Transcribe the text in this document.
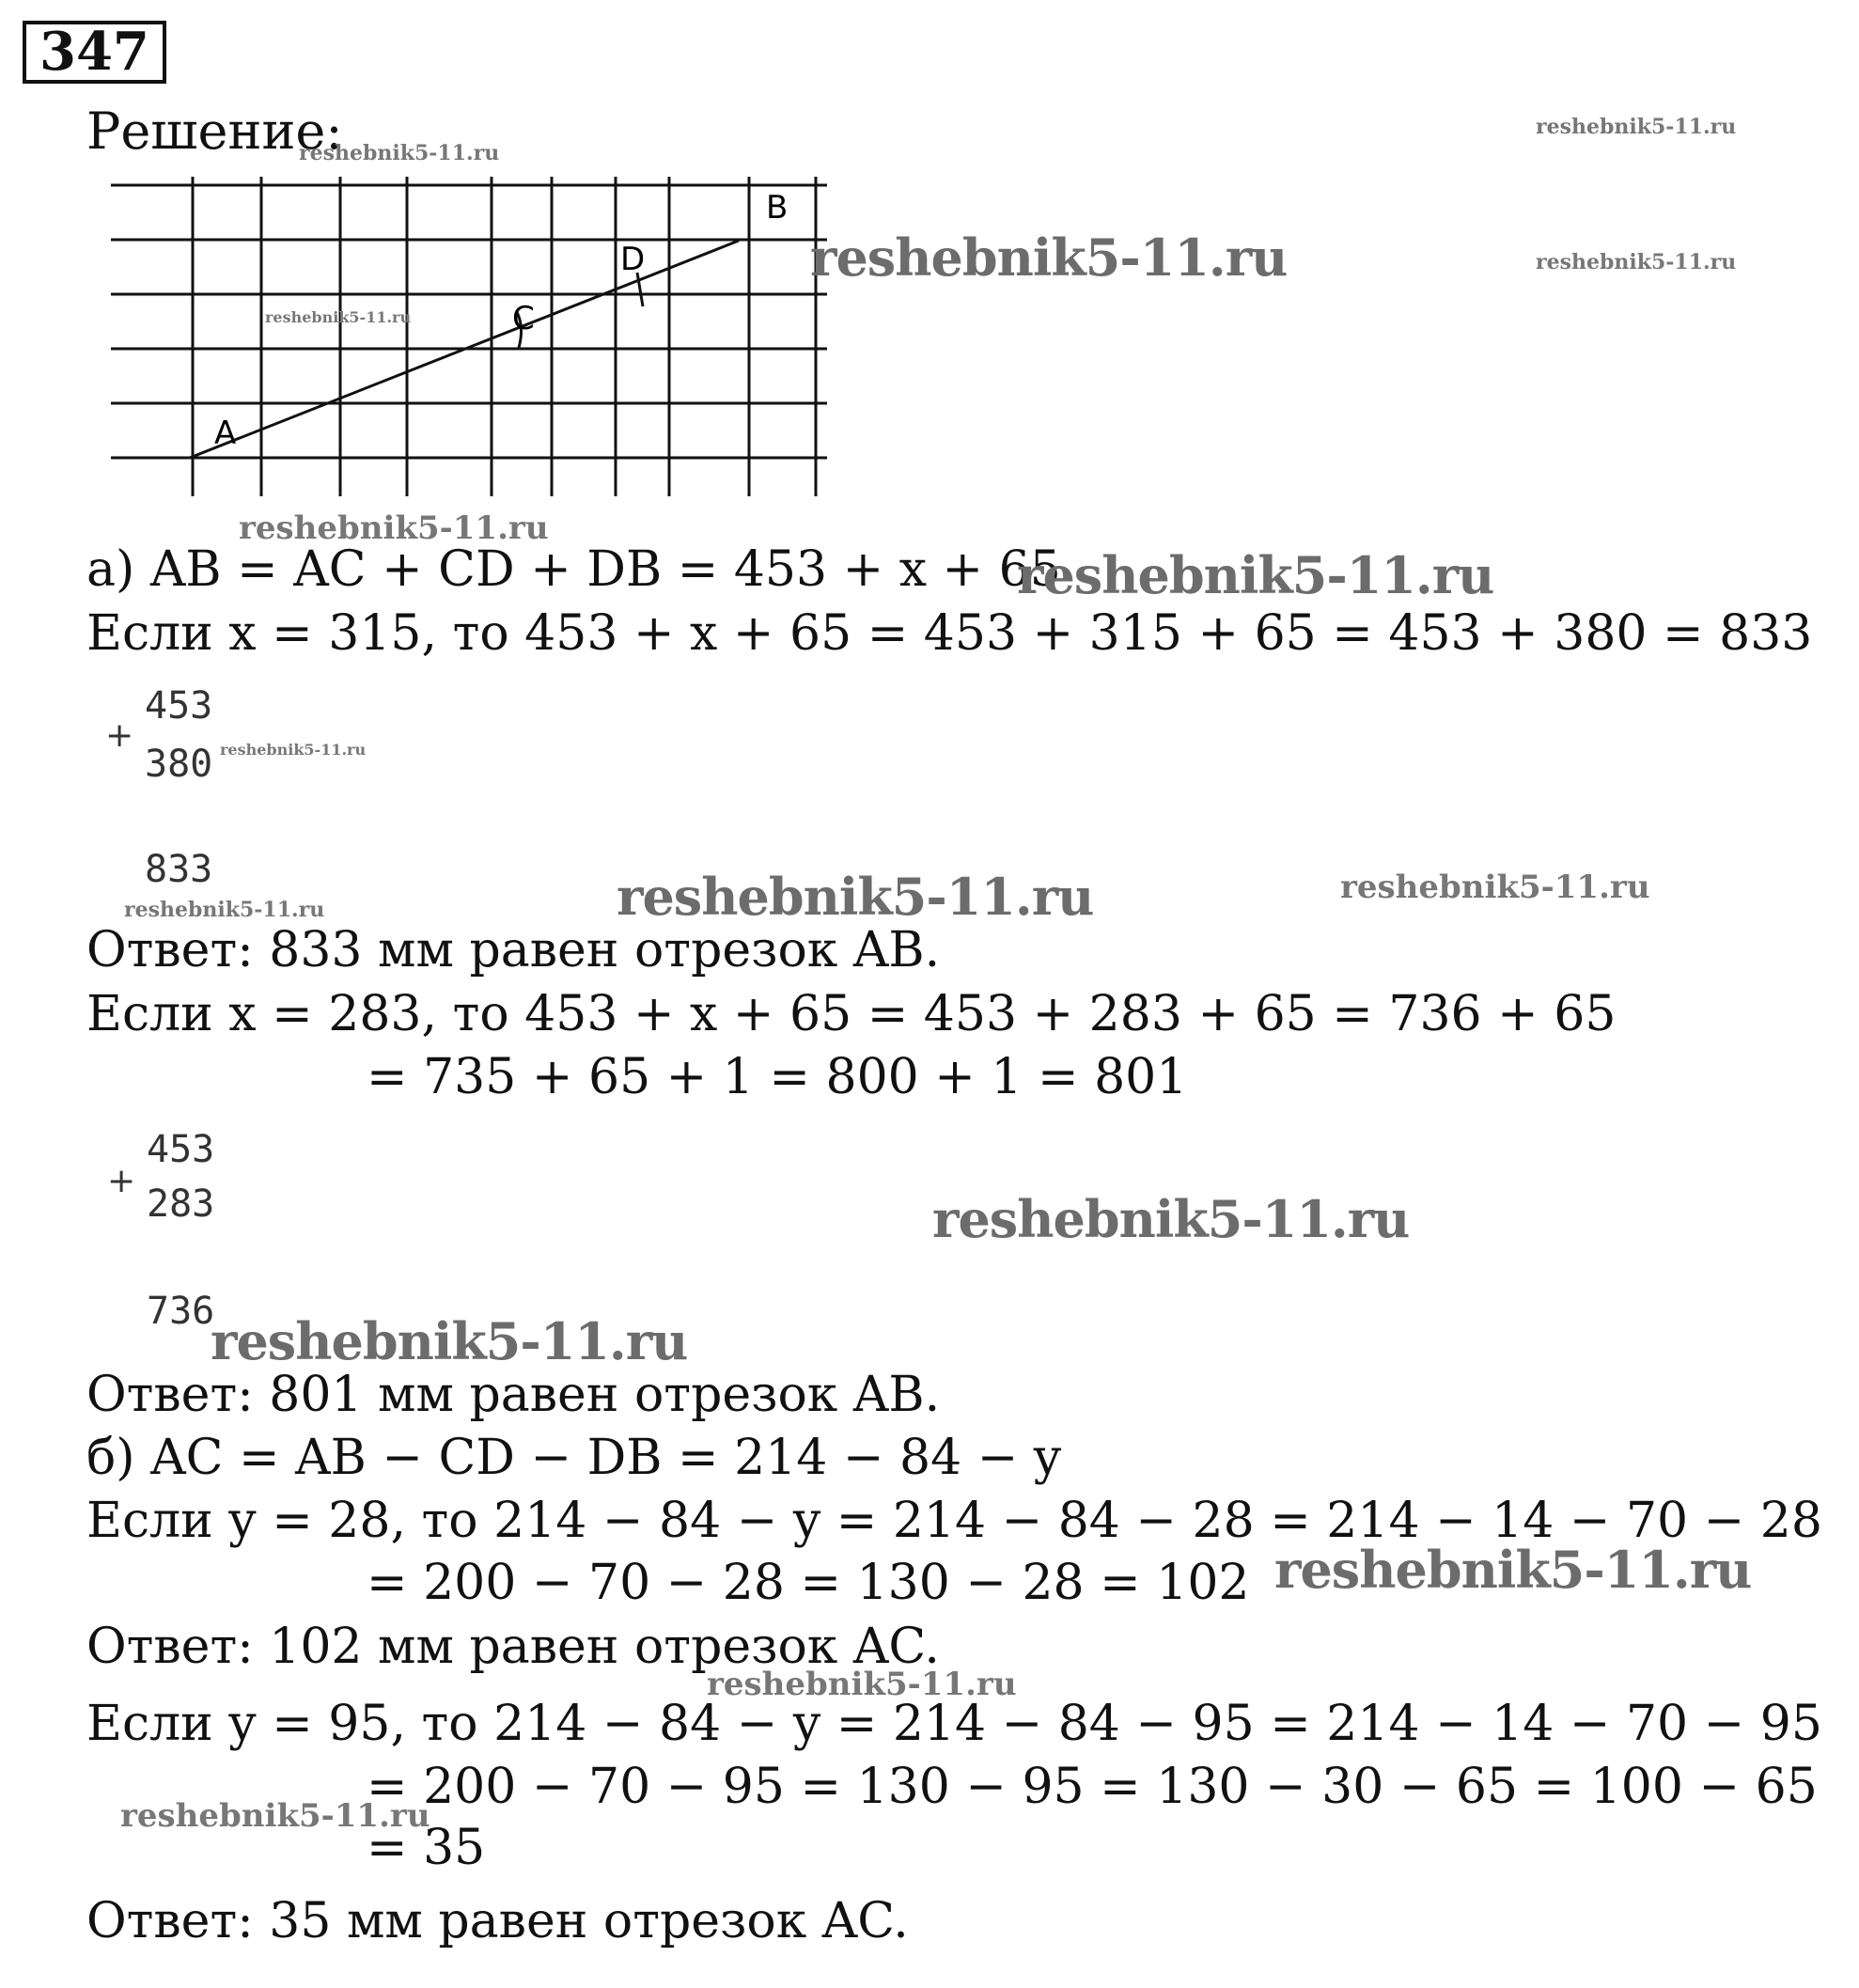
347
Решение:
A
B
C
D
а) AB = AC + CD + DB = 453 + x + 65
Если x = 315, то 453 + x + 65 = 453 + 315 + 65 = 453 + 380 = 833
+
453
380
833
Ответ: 833 мм равен отрезок AB.
Если x = 283, то 453 + x + 65 = 453 + 283 + 65 = 736 + 65
= 735 + 65 + 1 = 800 + 1 = 801
+
453
283
736
Ответ: 801 мм равен отрезок AB.
б) AC = AB − CD − DB = 214 − 84 − y
Если y = 28, то 214 − 84 − y = 214 − 84 − 28 = 214 − 14 − 70 − 28
= 200 − 70 − 28 = 130 − 28 = 102
Ответ: 102 мм равен отрезок AC.
Если y = 95, то 214 − 84 − y = 214 − 84 − 95 = 214 − 14 − 70 − 95
= 200 − 70 − 95 = 130 − 95 = 130 − 30 − 65 = 100 − 65
= 35
Ответ: 35 мм равен отрезок AC.
reshebnik5-11.ru
reshebnik5-11.ru
reshebnik5-11.ru
reshebnik5-11.ru
reshebnik5-11.ru
reshebnik5-11.ru
reshebnik5-11.ru
reshebnik5-11.ru
reshebnik5-11.ru	reshebnik5-11.ru	reshebnik5-11.ru
reshebnik5-11.ru
reshebnik5-11.ru
reshebnik5-11.ru
reshebnik5-11.ru
reshebnik5-11.ru
